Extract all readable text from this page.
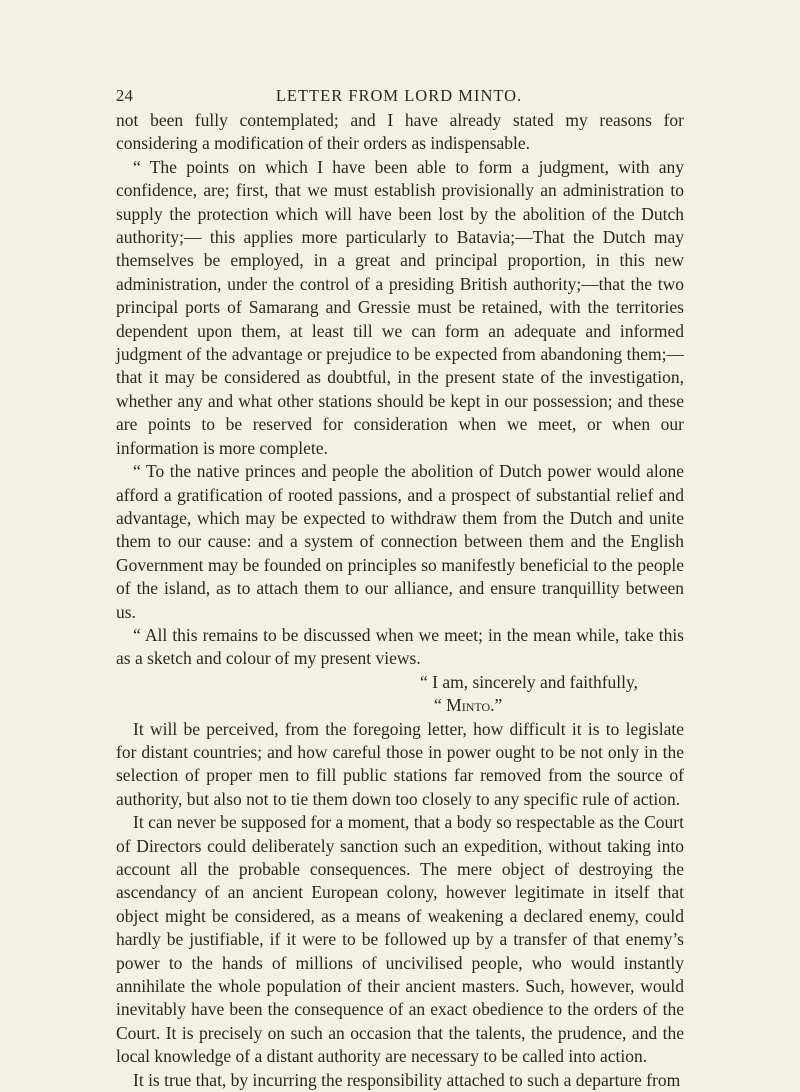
24	LETTER FROM LORD MINTO.

not been fully contemplated; and I have already stated my reasons for considering a modification of their orders as indispensable.

“ The points on which I have been able to form a judgment, with any confidence, are; first, that we must establish provisionally an administration to supply the protection which will have been lost by the abolition of the Dutch authority;— this applies more particularly to Batavia;—That the Dutch may themselves be employed, in a great and principal proportion, in this new administration, under the control of a presiding British authority;—that the two principal ports of Samarang and Gressie must be retained, with the territories dependent upon them, at least till we can form an adequate and informed judgment of the advantage or prejudice to be expected from abandoning them;—that it may be considered as doubtful, in the present state of the investigation, whether any and what other stations should be kept in our possession; and these are points to be reserved for consideration when we meet, or when our information is more complete.

“ To the native princes and people the abolition of Dutch power would alone afford a gratification of rooted passions, and a prospect of substantial relief and advantage, which may be expected to withdraw them from the Dutch and unite them to our cause: and a system of connection between them and the English Government may be founded on principles so manifestly beneficial to the people of the island, as to attach them to our alliance, and ensure tranquillity between us.

“ All this remains to be discussed when we meet; in the mean while, take this as a sketch and colour of my present views.

“ I am, sincerely and faithfully,

“ Minto.”

It will be perceived, from the foregoing letter, how difficult it is to legislate for distant countries; and how careful those in power ought to be not only in the selection of proper men to fill public stations far removed from the source of authority, but also not to tie them down too closely to any specific rule of action.

It can never be supposed for a moment, that a body so respectable as the Court of Directors could deliberately sanction such an expedition, without taking into account all the probable consequences. The mere object of destroying the ascendancy of an ancient European colony, however legitimate in itself that object might be considered, as a means of weakening a declared enemy, could hardly be justifiable, if it were to be followed up by a transfer of that enemy’s power to the hands of millions of uncivilised people, who would instantly annihilate the whole population of their ancient masters. Such, however, would inevitably have been the consequence of an exact obedience to the orders of the Court. It is precisely on such an occasion that the talents, the prudence, and the local knowledge of a distant authority are necessary to be called into action.

It is true that, by incurring the responsibility attached to such a departure from
